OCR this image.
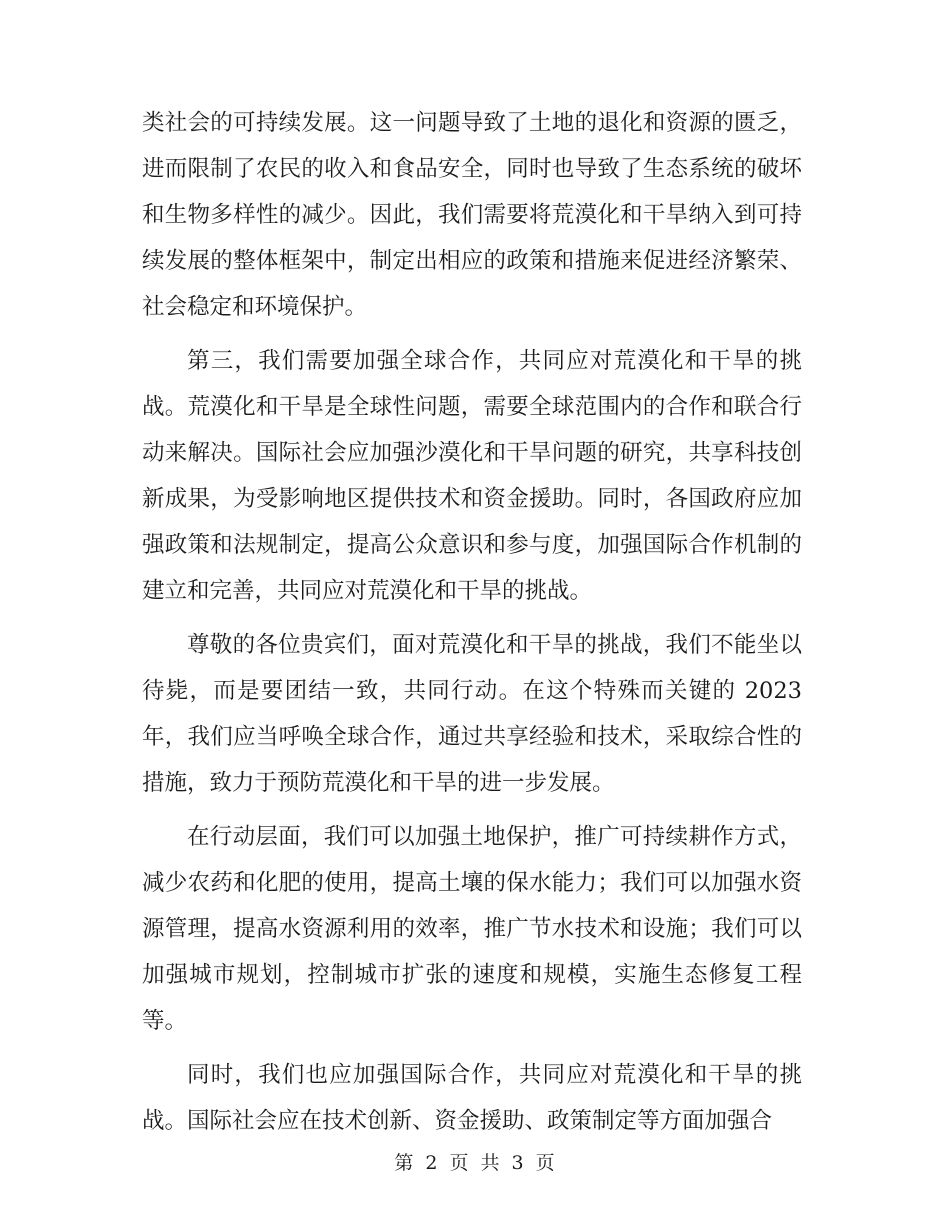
类社会的可持续发展。这一问题导致了土地的退化和资源的匮乏，进而限制了农民的收入和食品安全，同时也导致了生态系统的破坏和生物多样性的减少。因此，我们需要将荒漠化和干旱纳入到可持续发展的整体框架中，制定出相应的政策和措施来促进经济繁荣、社会稳定和环境保护。

第三，我们需要加强全球合作，共同应对荒漠化和干旱的挑战。荒漠化和干旱是全球性问题，需要全球范围内的合作和联合行动来解决。国际社会应加强沙漠化和干旱问题的研究，共享科技创新成果，为受影响地区提供技术和资金援助。同时，各国政府应加强政策和法规制定，提高公众意识和参与度，加强国际合作机制的建立和完善，共同应对荒漠化和干旱的挑战。

尊敬的各位贵宾们，面对荒漠化和干旱的挑战，我们不能坐以待毙，而是要团结一致，共同行动。在这个特殊而关键的 2023 年，我们应当呼唤全球合作，通过共享经验和技术，采取综合性的措施，致力于预防荒漠化和干旱的进一步发展。

在行动层面，我们可以加强土地保护，推广可持续耕作方式，减少农药和化肥的使用，提高土壤的保水能力；我们可以加强水资源管理，提高水资源利用的效率，推广节水技术和设施；我们可以加强城市规划，控制城市扩张的速度和规模，实施生态修复工程等。

同时，我们也应加强国际合作，共同应对荒漠化和干旱的挑战。国际社会应在技术创新、资金援助、政策制定等方面加强合

第 2 页 共 3 页
